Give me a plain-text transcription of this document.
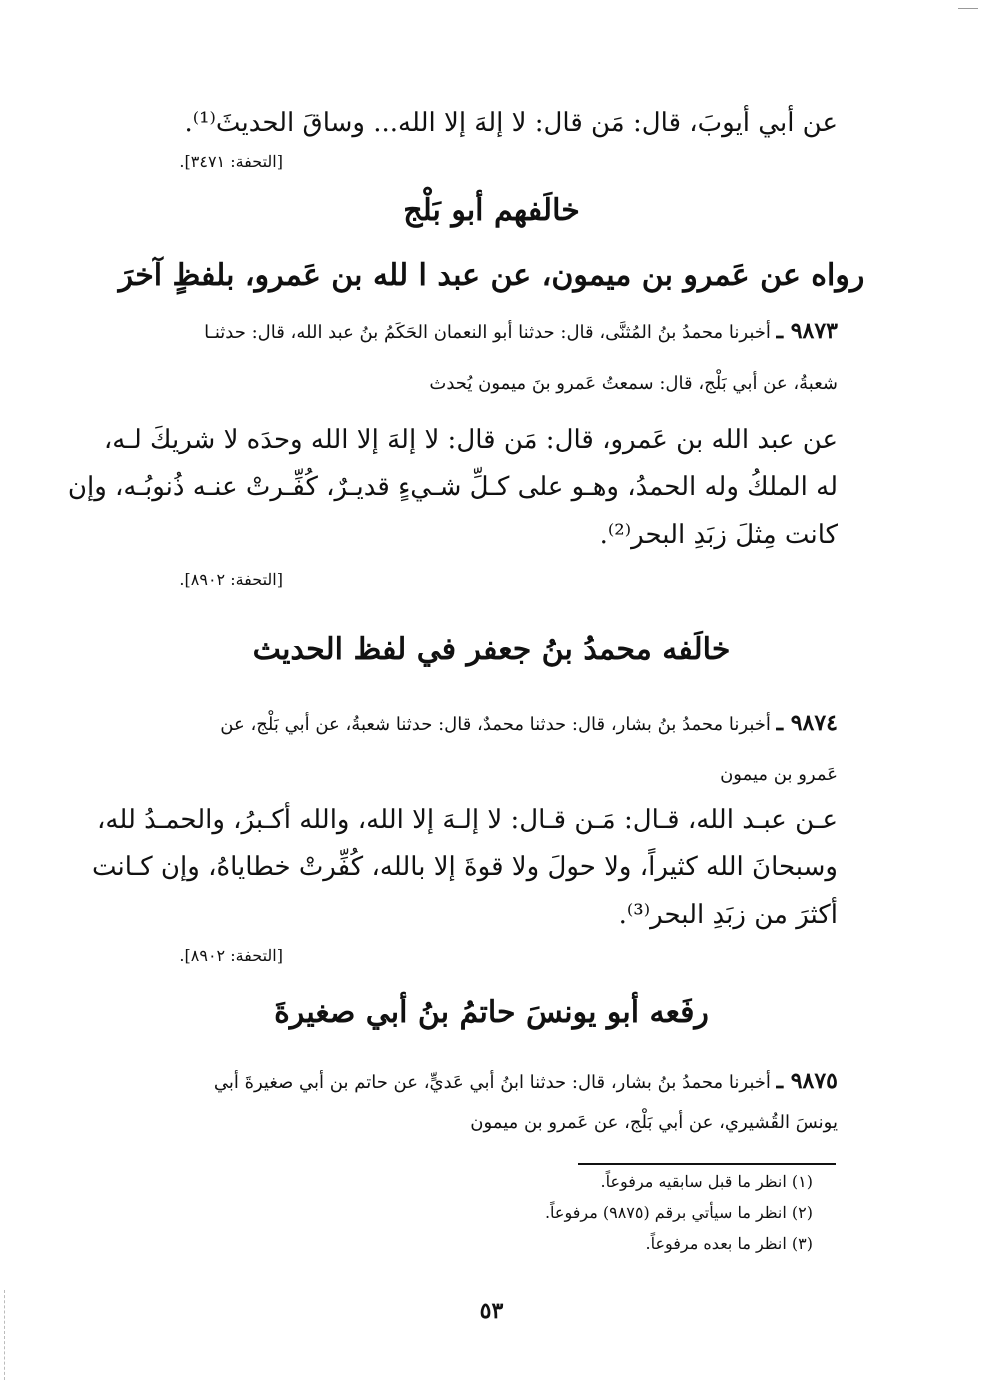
عن أبي أيوبَ، قال: مَن قال: لا إلهَ إلا الله... وساقَ الحديثَ⁽¹⁾.
[التحفة: ٣٤٧١].
خالَفهم أبو بَلْج
رواه عن عَمرو بن ميمون، عن عبد ا لله بن عَمرو، بلفظٍ آخرَ
٩٨٧٣ ـ أخبرنا محمدُ بنُ المُثنَّى، قال: حدثنا أبو النعمان الحَكَمُ بنُ عبد الله، قال: حدثنـا
شعبةُ، عن أبي بَلْج، قال: سمعتُ عَمرو بنَ ميمون يُحدث
عن عبد الله بن عَمرو، قال: مَن قال: لا إلهَ إلا الله وحدَه لا شريكَ لـه،
له الملكُ وله الحمدُ، وهـو على كـلِّ شـيءٍ قديـرٌ، كُفِّـرتْ عنـه ذُنوبُـه، وإن
كانت مِثلَ زبَدِ البحر⁽²⁾.
[التحفة: ٨٩٠٢].
خالَفه محمدُ بنُ جعفر في لفظ الحديث
٩٨٧٤ ـ أخبرنا محمدُ بنُ بشار، قال: حدثنا محمدٌ، قال: حدثنا شعبةُ، عن أبي بَلْج، عن
عَمرو بن ميمون
عـن عبـد الله، قـال: مَـن قـال: لا إلـهَ إلا الله، والله أكـبرُ، والحمـدُ لله،
وسبحانَ الله كثيراً، ولا حولَ ولا قوةَ إلا بالله، كُفِّرتْ خطاياهُ، وإن كـانت
أكثرَ من زبَدِ البحر⁽³⁾.
[التحفة: ٨٩٠٢].
رفَعه أبو يونسَ حاتمُ بنُ أبي صغيرةَ
٩٨٧٥ ـ أخبرنا محمدُ بنُ بشار، قال: حدثنا ابنُ أبي عَديٍّ، عن حاتم بن أبي صغيرةَ أبي
يونسَ القُشيري، عن أبي بَلْج، عن عَمرو بن ميمون
(١) انظر ما قبل سابقيه مرفوعاً.
(٢) انظر ما سيأتي برقم (٩٨٧٥) مرفوعاً.
(٣) انظر ما بعده مرفوعاً.
٥٣
